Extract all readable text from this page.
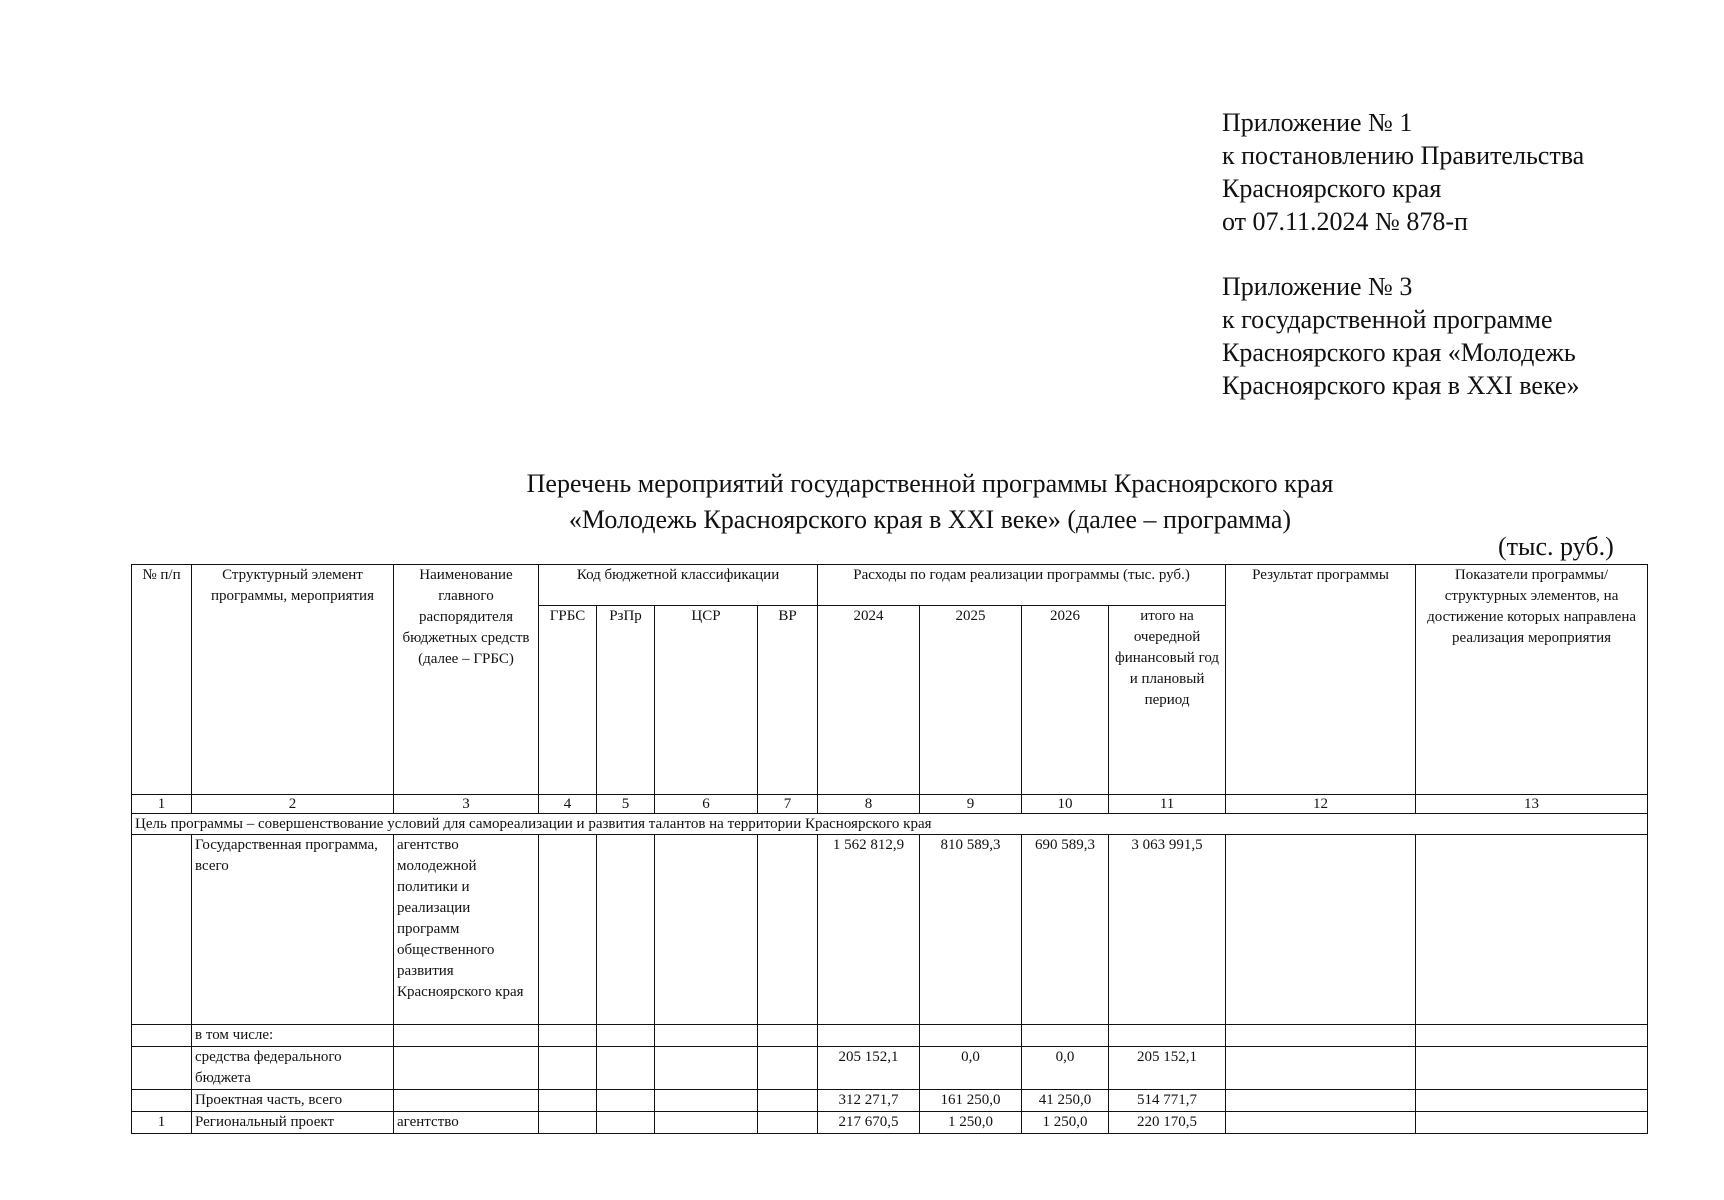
Приложение № 1
к постановлению Правительства
Красноярского края
от 07.11.2024 № 878-п
Приложение № 3
к государственной программе
Красноярского края «Молодежь
Красноярского края в XXI веке»
Перечень мероприятий государственной программы Красноярского края
«Молодежь Красноярского края в XXI веке» (далее – программа)
(тыс. руб.)
№ п/п	Структурный элемент программы, мероприятия	Наименование главного распорядителя бюджетных средств (далее – ГРБС)	Код бюджетной классификации				Расходы по годам реализации программы (тыс. руб.)				Результат программы	Показатели программы/ структурных элементов, на достижение которых направлена реализация мероприятия
			ГРБС	РзПр	ЦСР	ВР	2024	2025	2026	итого на очередной финансовый год и плановый период		
1	2	3	4	5	6	7	8	9	10	11	12	13
Цель программы – совершенствование условий для самореализации и развития талантов на территории Красноярского края												
	Государственная программа, всего	агентство молодежной политики и реализации программ общественного развития Красноярского края					1 562 812,9	810 589,3	690 589,3	3 063 991,5		
	в том числе:											
	средства федерального бюджета						205 152,1	0,0	0,0	205 152,1		
	Проектная часть, всего						312 271,7	161 250,0	41 250,0	514 771,7		
1	Региональный проект	агентство					217 670,5	1 250,0	1 250,0	220 170,5		
